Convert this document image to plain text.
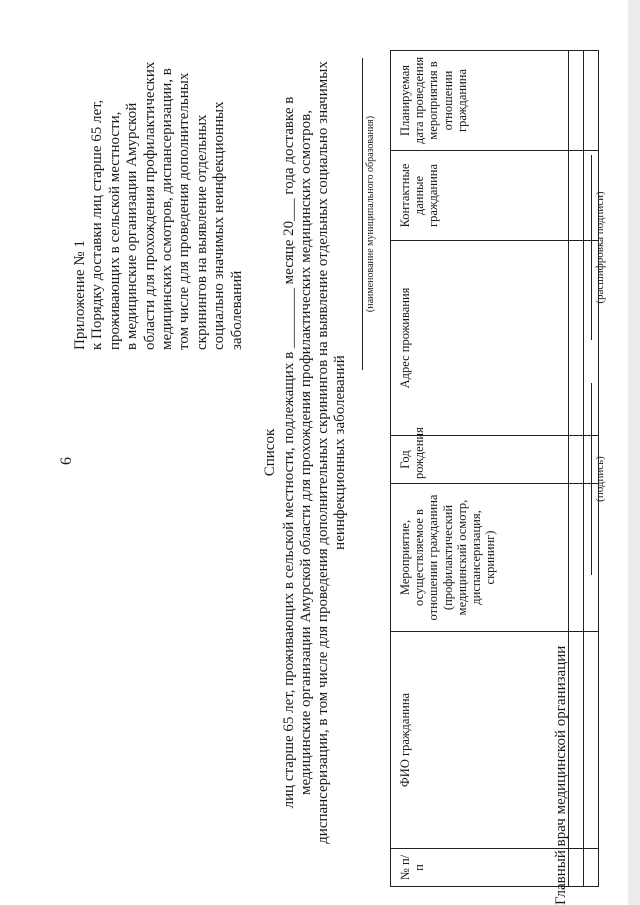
6
Приложение № 1 к Порядку доставки лиц старше 65 лет, проживающих в сельской местности, в медицинские организации Амурской области для прохождения профилактических медицинских осмотров, диспансеризации, в том числе для проведения дополнительных скринингов на выявление отдельных социально значимых неинфекционных заболеваний
Список лиц старше 65 лет, проживающих в сельской местности, подлежащих в ________ месяце 20___ года доставке в медицинские организации Амурской области для прохождения профилактических медицинских осмотров, диспансеризации, в том числе для проведения дополнительных скринингов на выявление отдельных социально значимых неинфекционных заболеваний
(наименование муниципального образования)
№ п/п	ФИО гражданина	Мероприятие, осуществляемое в отношении гражданина (профилактический медицинский осмотр, диспансеризация, скрининг)	Год рождения	Адрес проживания	Контактные данные гражданина	Планируемая дата проведения мероприятия в отношении гражданина

Главный врач медицинской организации
(подпись)
(расшифровка подписи)
